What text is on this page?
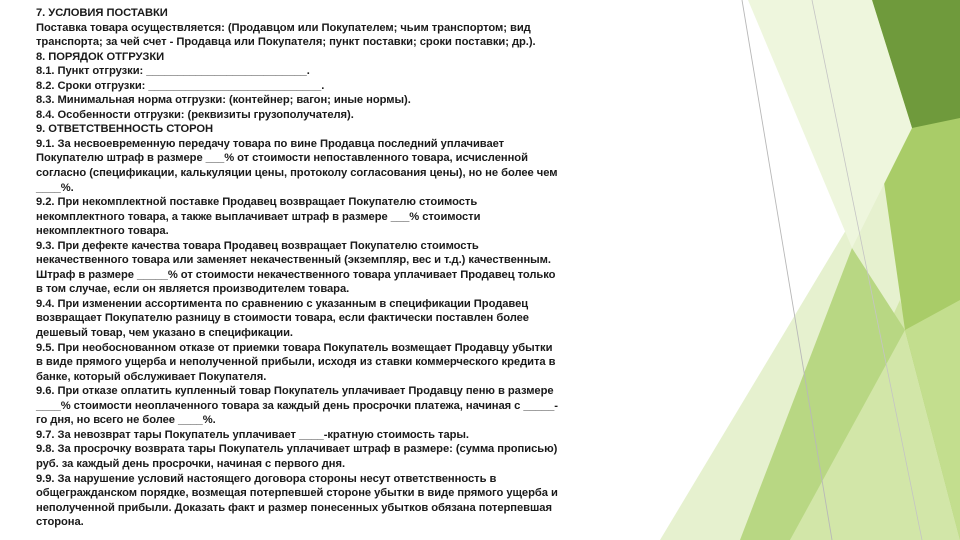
7. УСЛОВИЯ ПОСТАВКИ
Поставка товара осуществляется: (Продавцом или Покупателем; чьим транспортом; вид
транспорта; за чей счет - Продавца или Покупателя; пункт поставки; сроки поставки; др.).
8. ПОРЯДОК ОТГРУЗКИ
8.1. Пункт отгрузки: __________________________.
8.2. Сроки отгрузки: ____________________________.
8.3. Минимальная норма отгрузки: (контейнер; вагон; иные нормы).
8.4. Особенности отгрузки: (реквизиты грузополучателя).
9. ОТВЕТСТВЕННОСТЬ СТОРОН
9.1. За несвоевременную передачу товара по вине Продавца последний уплачивает
Покупателю штраф в размере ___% от стоимости непоставленного товара, исчисленной
согласно (спецификации, калькуляции цены, протоколу согласования цены), но не более чем
____%.
9.2. При некомплектной поставке Продавец возвращает Покупателю стоимость
некомплектного товара, а также выплачивает штраф в размере ___% стоимости
некомплектного товара.
9.3. При дефекте качества товара Продавец возвращает Покупателю стоимость
некачественного товара или заменяет некачественный (экземпляр, вес и т.д.) качественным.
Штраф в размере _____% от стоимости некачественного товара уплачивает Продавец только
в том случае, если он является производителем товара.
9.4. При изменении ассортимента по сравнению с указанным в спецификации Продавец
возвращает Покупателю разницу в стоимости товара, если фактически поставлен более
дешевый товар, чем указано в спецификации.
9.5. При необоснованном отказе от приемки товара Покупатель возмещает Продавцу убытки
в виде прямого ущерба и неполученной прибыли, исходя из ставки коммерческого кредита в
банке, который обслуживает Покупателя.
9.6. При отказе оплатить купленный товар Покупатель уплачивает Продавцу пеню в размере
____% стоимости неоплаченного товара за каждый день просрочки платежа, начиная с _____-
го дня, но всего не более ____%.
9.7. За невозврат тары Покупатель уплачивает ____-кратную стоимость тары.
9.8. За просрочку возврата тары Покупатель уплачивает штраф в размере: (сумма прописью)
руб. за каждый день просрочки, начиная с первого дня.
9.9. За нарушение условий настоящего договора стороны несут ответственность в
общегражданском порядке, возмещая потерпевшей стороне убытки в виде прямого ущерба и
неполученной прибыли. Доказать факт и размер понесенных убытков обязана потерпевшая
сторона.
